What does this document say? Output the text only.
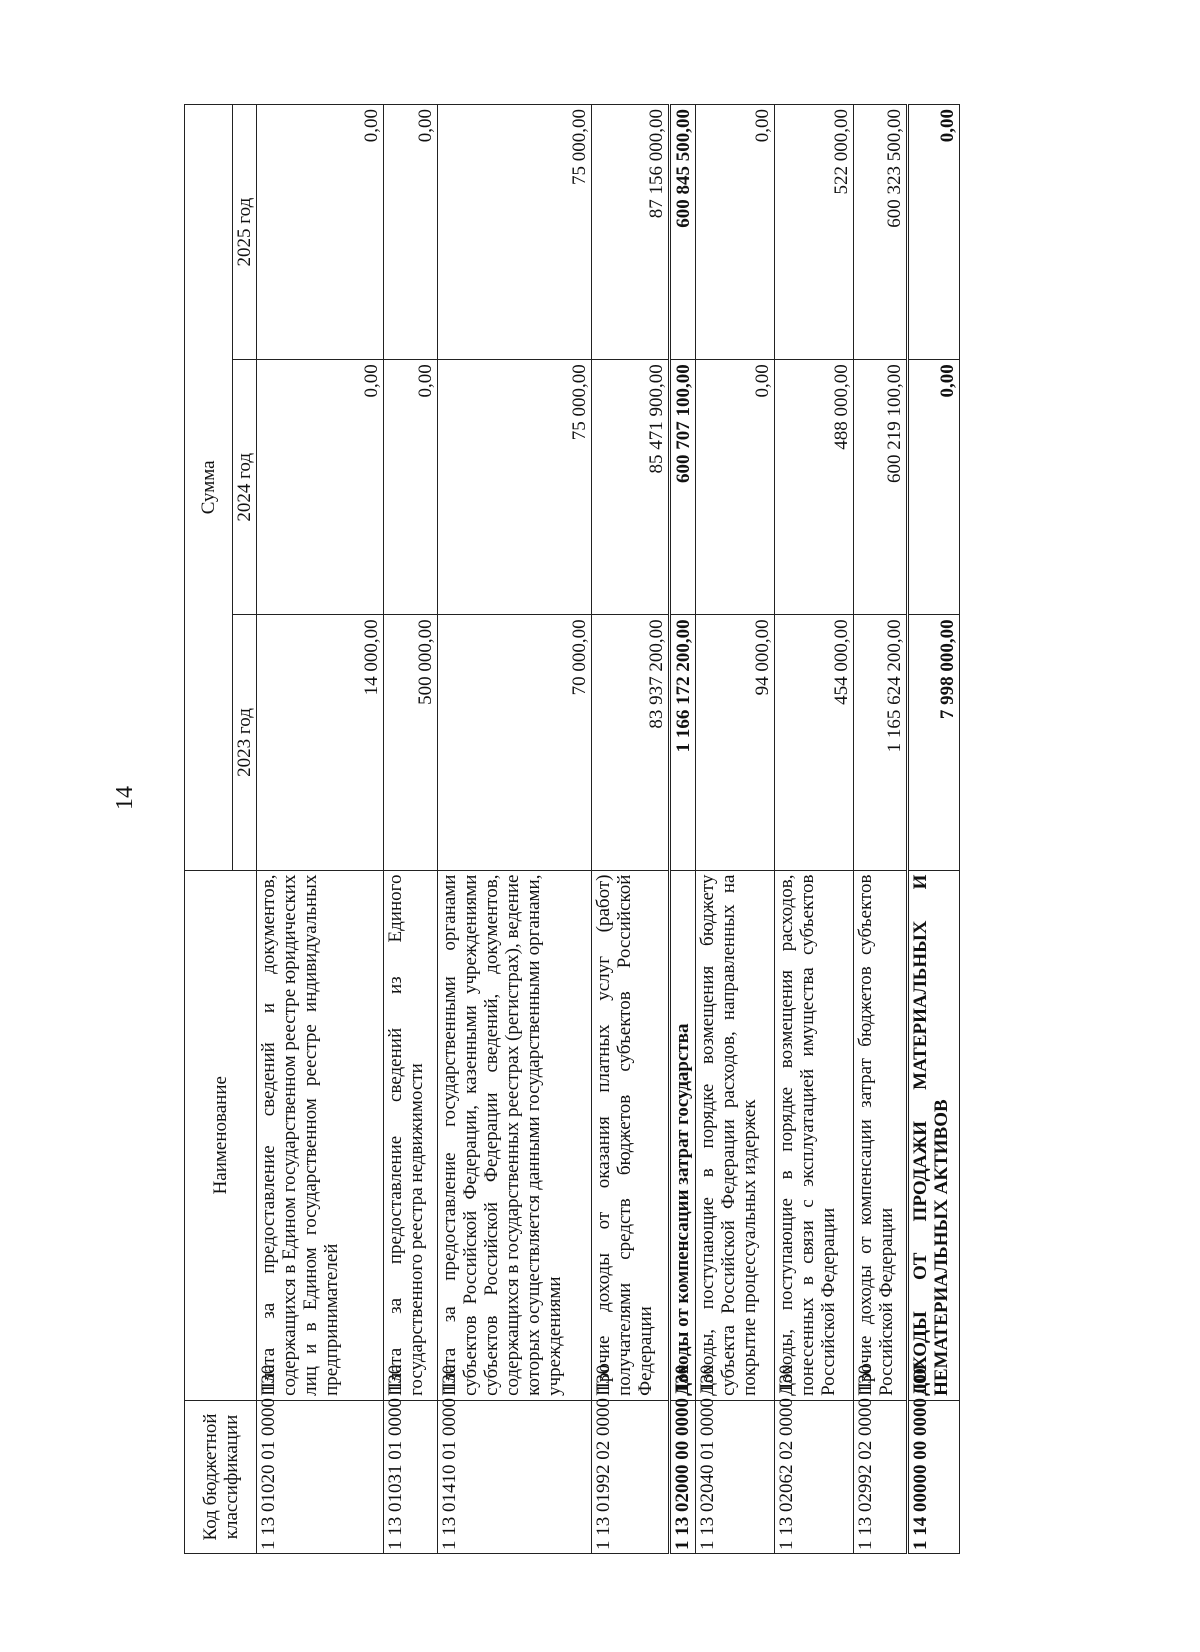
14
Код бюджетной классификации	Наименование	Сумма		
		2023 год	2024 год	2025 год
1 13 01020 01 0000 130	Плата за предоставление сведений и документов, содержащихся в Едином государственном реестре юридических лиц и в Едином государственном реестре индивидуальных предпринимателей	14 000,00	0,00	0,00
1 13 01031 01 0000 130	Плата за предоставление сведений из Единого государственного реестра недвижимости	500 000,00	0,00	0,00
1 13 01410 01 0000 130	Плата за предоставление государственными органами субъектов Российской Федерации, казенными учреждениями субъектов Российской Федерации сведений, документов, содержащихся в государственных реестрах (регистрах), ведение которых осуществляется данными государственными органами, учреждениями	70 000,00	75 000,00	75 000,00
1 13 01992 02 0000 130	Прочие доходы от оказания платных услуг (работ) получателями средств бюджетов субъектов Российской Федерации	83 937 200,00	85 471 900,00	87 156 000,00
1 13 02000 00 0000 130	Доходы от компенсации затрат государства	1 166 172 200,00	600 707 100,00	600 845 500,00
1 13 02040 01 0000 130	Доходы, поступающие в порядке возмещения бюджету субъекта Российской Федерации расходов, направленных на покрытие процессуальных издержек	94 000,00	0,00	0,00
1 13 02062 02 0000 130	Доходы, поступающие в порядке возмещения расходов, понесенных в связи с эксплуатацией имущества субъектов Российской Федерации	454 000,00	488 000,00	522 000,00
1 13 02992 02 0000 130	Прочие доходы от компенсации затрат бюджетов субъектов Российской Федерации	1 165 624 200,00	600 219 100,00	600 323 500,00
1 14 00000 00 0000 000	ДОХОДЫ ОТ ПРОДАЖИ МАТЕРИАЛЬНЫХ И НЕМАТЕРИАЛЬНЫХ АКТИВОВ	7 998 000,00	0,00	0,00
